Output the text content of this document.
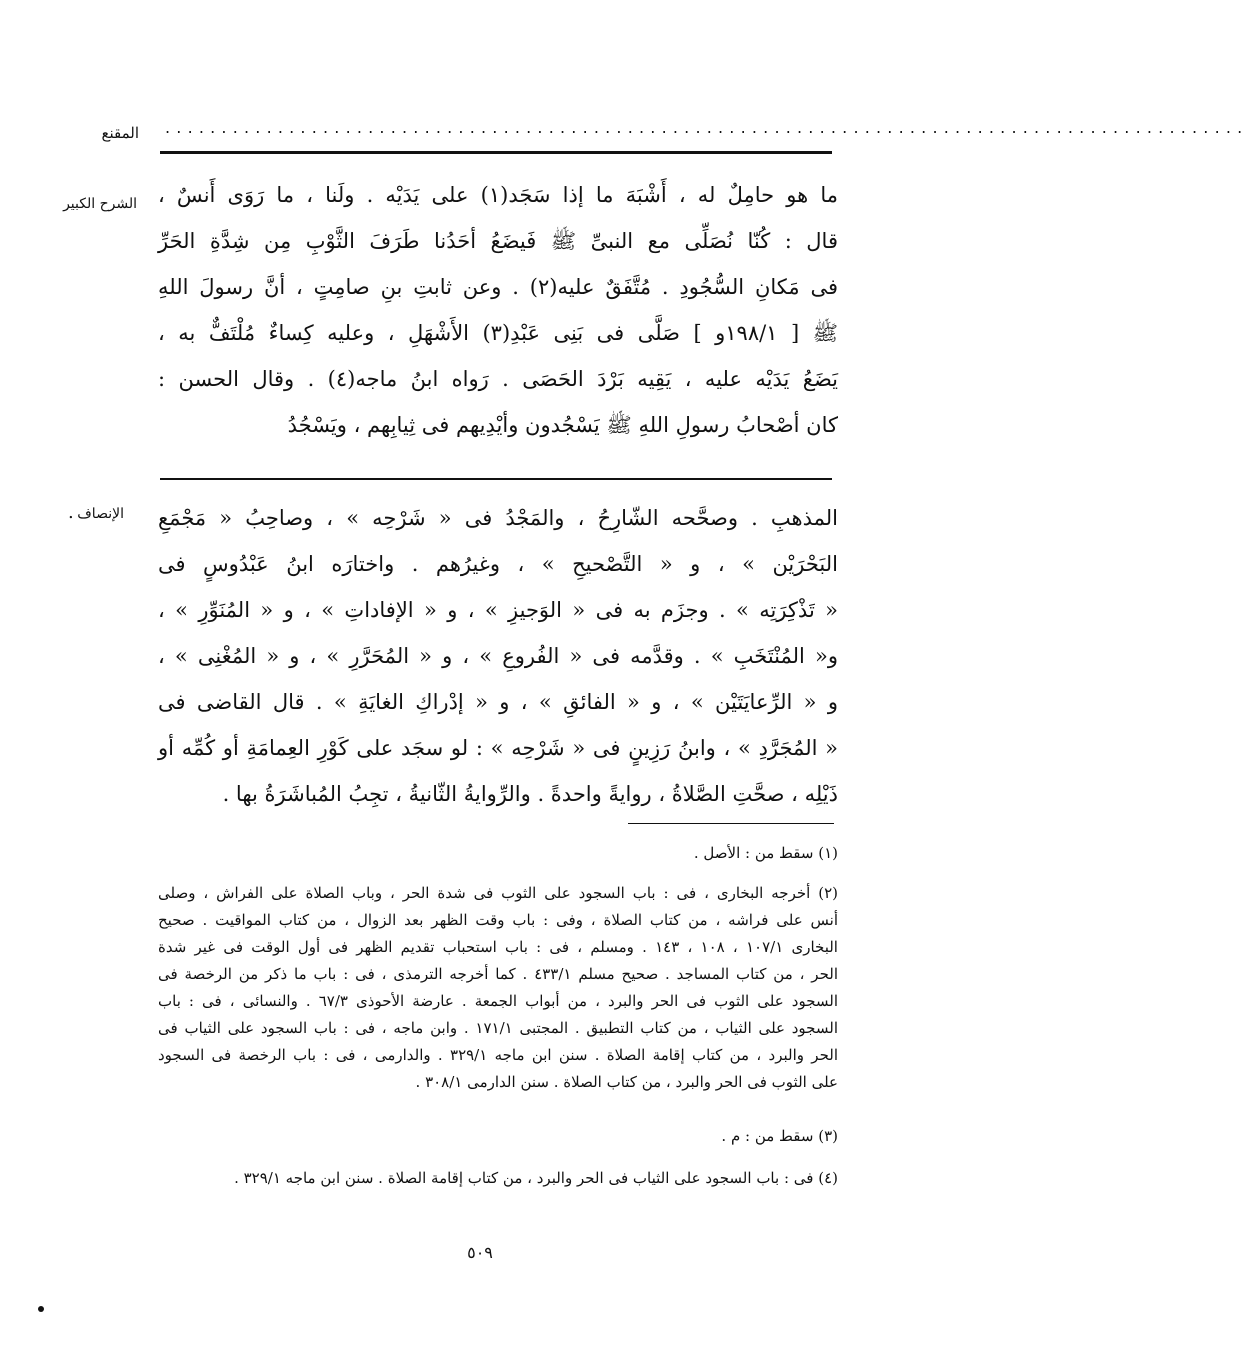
المقنع ................................................................................................
الشرح الكبير ما هو حامِلٌ له ، أَشْبَهَ ما إذا سَجَد(١) على يَدَيْه . ولَنا ، ما رَوَى أَنسٌ ،
قال : كُنّا نُصَلِّى مع النبىِّ ﷺ فَيضَعُ أحَدُنا طَرَفَ الثَّوْبِ مِن شِدَّةِ الحَرِّ
فى مَكانِ السُّجُودِ . مُتَّفَقٌ عليه(٢) . وعن ثابتِ بنِ صامِتٍ ، أنَّ رسولَ اللهِ
ﷺ [ ١٩٨/١و ] صَلَّى فى بَنِى عَبْدِ(٣) الأَشْهَلِ ، وعليه كِساءٌ مُلْتَفٌّ به ،
يَضَعُ يَدَيْه عليه ، يَقِيه بَرْدَ الحَصَى . رَواه ابنُ ماجه(٤) . وقال الحسن :
كان أصْحابُ رسولِ اللهِ ﷺ يَسْجُدون وأيْدِيهم فى ثِيابِهم ، ويَسْجُدُ
الإنصاف
.	المذهبِ . وصحَّحه الشّارِحُ ، والمَجْدُ فى « شَرْحِه » ، وصاحِبُ « مَجْمَعِ
البَحْرَيْن » ، و « التَّصْحيحِ » ، وغيرُهم . واختارَه ابنُ عَبْدُوسٍ فى
« تَذْكِرَتِه » . وجزَم به فى « الوَجيزِ » ، و « الإفاداتِ » ، و « المُنَوِّرِ » ،
و« المُنْتَخَبِ » . وقدَّمه فى « الفُروعِ » ، و « المُحَرَّرِ » ، و « المُغْنِى » ،
و « الرِّعايَتَيْن » ، و « الفائقِ » ، و « إدْراكِ الغايَةِ » . قال القاضى فى
« المُجَرَّدِ » ، وابنُ رَزِينٍ فى « شَرْحِه » : لو سجَد على كَوْرِ العِمامَةِ أو كُمِّه أو
ذَيْلِه ، صحَّتِ الصَّلاةُ ، روايةً واحدةً . والرِّوايةُ الثّانيةُ ، تجِبُ المُباشَرَةُ بها .
(١) سقط من : الأصل .
(٢) أخرجه البخارى ، فى : باب السجود على الثوب فى شدة الحر ، وباب الصلاة على الفراش ، وصلى
أنس على فراشه ، من كتاب الصلاة ، وفى : باب وقت الظهر بعد الزوال ، من كتاب المواقيت . صحيح
البخارى ١٠٧/١ ، ١٠٨ ، ١٤٣ . ومسلم ، فى : باب استحباب تقديم الظهر فى أول الوقت فى غير شدة
الحر ، من كتاب المساجد . صحيح مسلم ٤٣٣/١ . كما أخرجه الترمذى ، فى : باب ما ذكر من الرخصة فى
السجود على الثوب فى الحر والبرد ، من أبواب الجمعة . عارضة الأحوذى ٦٧/٣ . والنسائى ، فى : باب
السجود على الثياب ، من كتاب التطبيق . المجتبى ١٧١/١ . وابن ماجه ، فى : باب السجود على الثياب فى
الحر والبرد ، من كتاب إقامة الصلاة . سنن ابن ماجه ٣٢٩/١ . والدارمى ، فى : باب الرخصة فى السجود
على الثوب فى الحر والبرد ، من كتاب الصلاة . سنن الدارمى ٣٠٨/١ .
(٣) سقط من : م .
(٤) فى : باب السجود على الثياب فى الحر والبرد ، من كتاب إقامة الصلاة . سنن ابن ماجه ٣٢٩/١ .
٥٠٩
